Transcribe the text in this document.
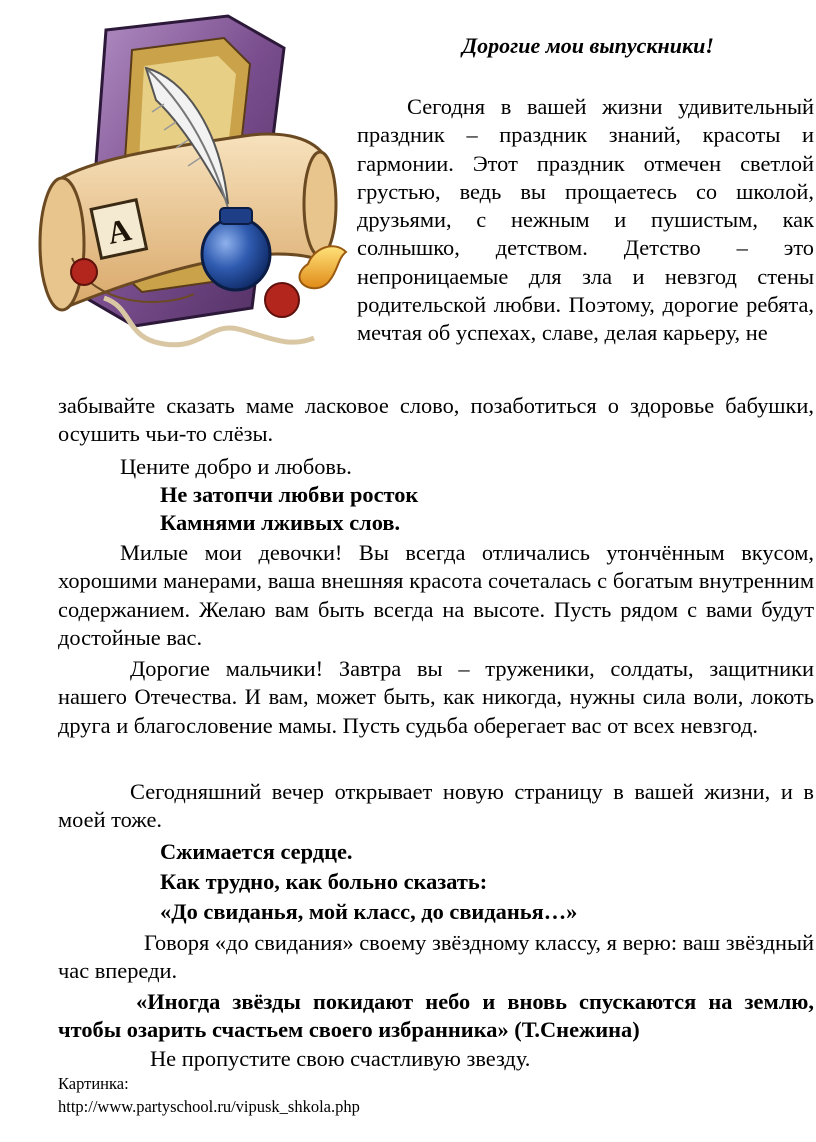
А

Дорогие мои выпускники!

Сегодня в вашей жизни удивительный праздник – праздник знаний, красоты и гармонии. Этот праздник отмечен светлой грустью, ведь вы прощаетесь со школой, друзьями, с нежным и пушистым, как солнышко, детством. Детство – это непроницаемые для зла и невзгод стены родительской любви. Поэтому, дорогие ребята, мечтая об успехах, славе, делая карьеру, не

забывайте сказать маме ласковое слово, позаботиться о здоровье бабушки, осушить чьи-то слёзы.

Цените добро и любовь.

Не затопчи любви росток

Камнями лживых слов.

Милые мои девочки! Вы всегда отличались утончённым вкусом, хорошими манерами, ваша внешняя красота сочеталась с богатым внутренним содержанием. Желаю вам быть всегда на высоте. Пусть рядом с вами будут достойные вас.

Дорогие мальчики! Завтра вы – труженики, солдаты, защитники нашего Отечества. И вам, может быть, как никогда, нужны сила воли, локоть друга и благословение мамы. Пусть судьба оберегает вас от всех невзгод.

Сегодняшний вечер открывает новую страницу в вашей жизни, и в моей тоже.

Сжимается сердце.

Как трудно, как больно сказать:

«До свиданья, мой класс, до свиданья…»

Говоря «до свидания» своему звёздному классу, я верю: ваш звёздный час впереди.

«Иногда звёзды покидают небо и вновь спускаются на землю, чтобы озарить счастьем своего избранника» (Т.Снежина)

Не пропустите свою счастливую звезду.

Картинка:

http://www.partyschool.ru/vipusk_shkola.php
